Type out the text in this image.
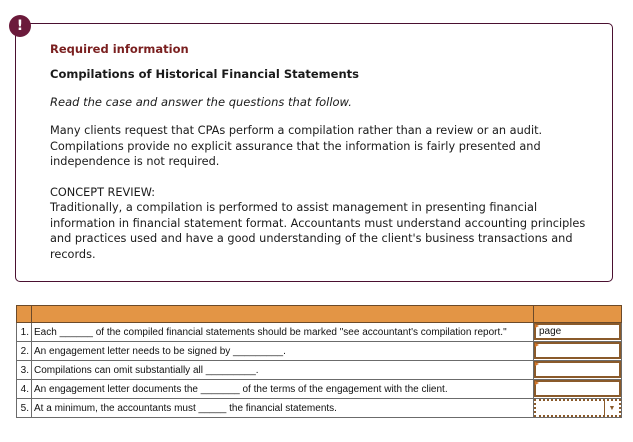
Required information
Compilations of Historical Financial Statements
Read the case and answer the questions that follow.
Many clients request that CPAs perform a compilation rather than a review or an audit. Compilations provide no explicit assurance that the information is fairly presented and independence is not required.
CONCEPT REVIEW:
Traditionally, a compilation is performed to assist management in presenting financial information in financial statement format. Accountants must understand accounting principles and practices used and have a good understanding of the client's business transactions and records.
!

1.	Each ______ of the compiled financial statements should be marked "see accountant's compilation report."	
page

2.	An engagement letter needs to be signed by _________.	

3.	Compilations can omit substantially all _________.	

4.	An engagement letter documents the _______ of the terms of the engagement with the client.	

5.	At a minimum, the accountants must _____ the financial statements.	▼
